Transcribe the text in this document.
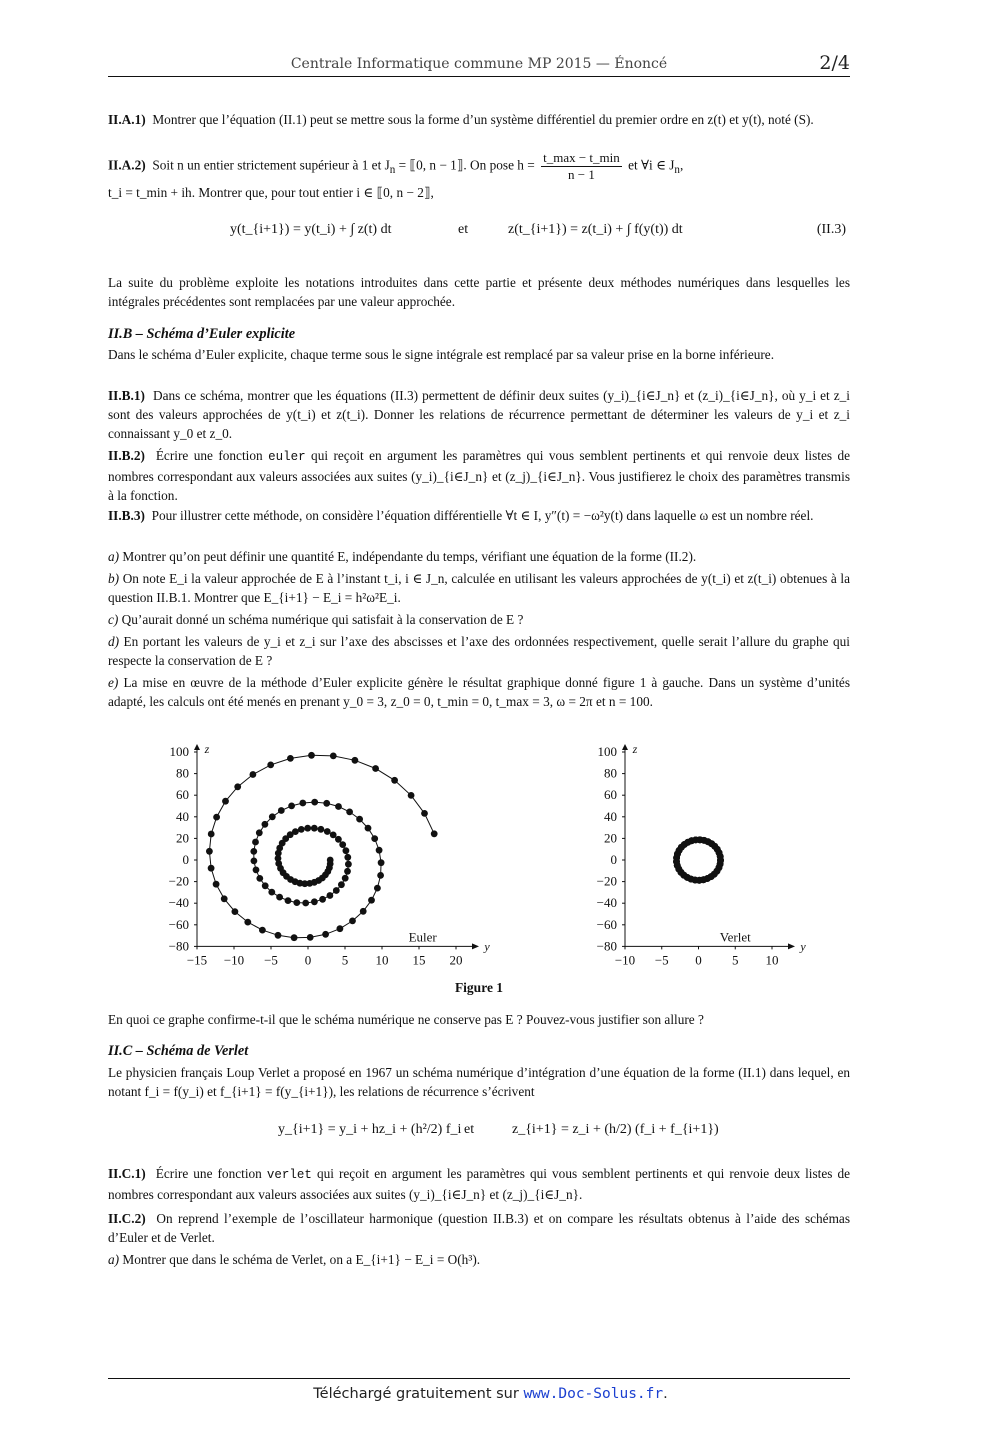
Centrale Informatique commune MP 2015 — Énoncé	2/4

II.A.1) Montrer que l’équation (II.1) peut se mettre sous la forme d’un système différentiel du premier ordre en z(t) et y(t), noté (S).

II.A.2) Soit n un entier strictement supérieur à 1 et $J_n$ = ⟦0, n − 1⟧. On pose $h = \frac{t\_\max - t\_\min}{n - 1}$ et ∀i ∈ $J_n$,
t_i = t_min + ih. Montrer que, pour tout entier i ∈ ⟦0, n − 2⟧,

y(t_{i+1}) = y(t_i) + ∫ z(t) dt	et	z(t_{i+1}) = z(t_i) + ∫ f(y(t)) dt	(II.3)

La suite du problème exploite les notations introduites dans cette partie et présente deux méthodes numériques dans lesquelles les intégrales précédentes sont remplacées par une valeur approchée.

II.B – Schéma d’Euler explicite

Dans le schéma d’Euler explicite, chaque terme sous le signe intégrale est remplacé par sa valeur prise en la borne inférieure.

II.B.1) Dans ce schéma, montrer que les équations (II.3) permettent de définir deux suites (y_i)_{i∈J_n} et (z_i)_{i∈J_n}, où y_i et z_i sont des valeurs approchées de y(t_i) et z(t_i). Donner les relations de récurrence permettant de déterminer les valeurs de y_i et z_i connaissant y_0 et z_0.

II.B.2) Écrire une fonction euler qui reçoit en argument les paramètres qui vous semblent pertinents et qui renvoie deux listes de nombres correspondant aux valeurs associées aux suites (y_i)_{i∈J_n} et (z_j)_{i∈J_n}. Vous justifierez le choix des paramètres transmis à la fonction.

II.B.3) Pour illustrer cette méthode, on considère l’équation différentielle ∀t ∈ I, y″(t) = −ω²y(t) dans laquelle ω est un nombre réel.

a) Montrer qu’on peut définir une quantité E, indépendante du temps, vérifiant une équation de la forme (II.2).

b) On note E_i la valeur approchée de E à l’instant t_i, i ∈ J_n, calculée en utilisant les valeurs approchées de y(t_i) et z(t_i) obtenues à la question II.B.1. Montrer que E_{i+1} − E_i = h²ω²E_i.

c) Qu’aurait donné un schéma numérique qui satisfait à la conservation de E ?

d) En portant les valeurs de y_i et z_i sur l’axe des abscisses et l’axe des ordonnées respectivement, quelle serait l’allure du graphe qui respecte la conservation de E ?

e) La mise en œuvre de la méthode d’Euler explicite génère le résultat graphique donné figure 1 à gauche. Dans un système d’unités adapté, les calculs ont été menés en prenant y_0 = 3, z_0 = 0, t_min = 0, t_max = 3, ω = 2π et n = 100.

z
y
−80
−60
−40
−20
0
20
40
60
80
100
−15 −10 −5 0 5 10 15 20
Euler
z
y
−80
−60
−40
−20
0
20
40
60
80
100
−10 −5 0 5 10
Verlet
Figure 1

En quoi ce graphe confirme-t-il que le schéma numérique ne conserve pas E ? Pouvez-vous justifier son allure ?

II.C – Schéma de Verlet

Le physicien français Loup Verlet a proposé en 1967 un schéma numérique d’intégration d’une équation de la forme (II.1) dans lequel, en notant f_i = f(y_i) et f_{i+1} = f(y_{i+1}), les relations de récurrence s’écrivent

y_{i+1} = y_i + hz_i + (h²/2) f_i et	z_{i+1} = z_i + (h/2) (f_i + f_{i+1})

II.C.1) Écrire une fonction verlet qui reçoit en argument les paramètres qui vous semblent pertinents et qui renvoie deux listes de nombres correspondant aux valeurs associées aux suites (y_i)_{i∈J_n} et (z_j)_{i∈J_n}.

II.C.2) On reprend l’exemple de l’oscillateur harmonique (question II.B.3) et on compare les résultats obtenus à l’aide des schémas d’Euler et de Verlet.

a) Montrer que dans le schéma de Verlet, on a E_{i+1} − E_i = O(h³).

Téléchargé gratuitement sur www.Doc-Solus.fr.
